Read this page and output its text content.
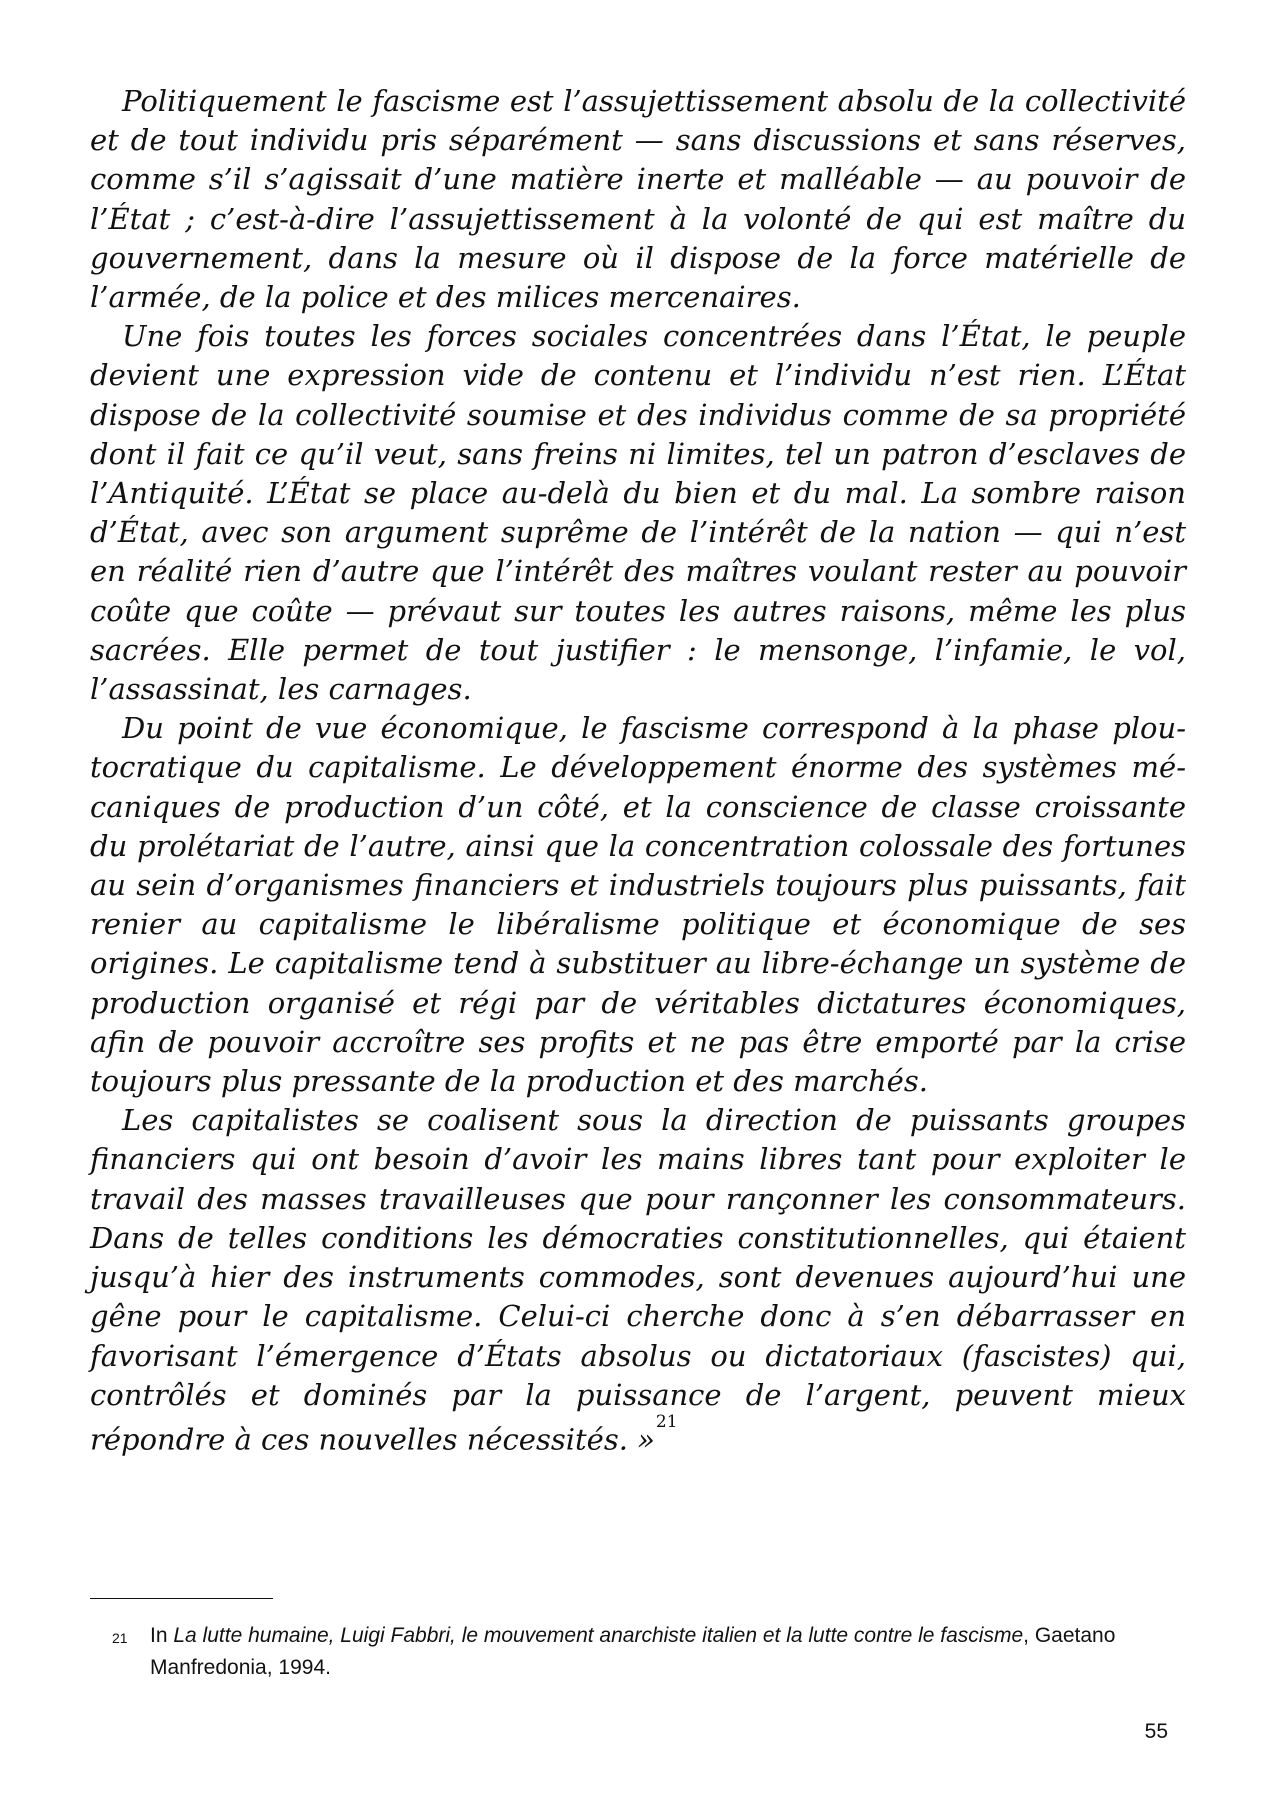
Politiquement le fascisme est l’assujettissement absolu de la collectivité et de tout individu pris séparément — sans discussions et sans réserves, comme s’il s’agissait d’une matière inerte et malléable — au pouvoir de l’État ; c’est-à-dire l’assujettissement à la volonté de qui est maître du gouvernement, dans la mesure où il dispose de la force matérielle de l’armée, de la police et des milices mercenaires.

Une fois toutes les forces sociales concentrées dans l’État, le peuple devient une expression vide de contenu et l’individu n’est rien. L’État dispose de la collectivité soumise et des individus comme de sa propriété dont il fait ce qu’il veut, sans freins ni limites, tel un patron d’esclaves de l’Antiquité. L’État se place au-delà du bien et du mal. La sombre raison d’État, avec son argument suprême de l’intérêt de la nation — qui n’est en réalité rien d’autre que l’intérêt des maîtres voulant rester au pouvoir coûte que coûte — prévaut sur toutes les autres raisons, même les plus sacrées. Elle permet de tout justifier : le mensonge, l’infamie, le vol, l’assassinat, les carnages.

Du point de vue économique, le fascisme correspond à la phase ploutocratique du capitalisme. Le développement énorme des systèmes mécaniques de production d’un côté, et la conscience de classe croissante du prolétariat de l’autre, ainsi que la concentration colossale des fortunes au sein d’organismes financiers et industriels toujours plus puissants, fait renier au capitalisme le libéralisme politique et économique de ses origines. Le capitalisme tend à substituer au libre-échange un système de production organisé et régi par de véritables dictatures économiques, afin de pouvoir accroître ses profits et ne pas être emporté par la crise toujours plus pressante de la production et des marchés.

Les capitalistes se coalisent sous la direction de puissants groupes financiers qui ont besoin d’avoir les mains libres tant pour exploiter le travail des masses travailleuses que pour rançonner les consommateurs. Dans de telles conditions les démocraties constitutionnelles, qui étaient jusqu’à hier des instruments commodes, sont devenues aujourd’hui une gêne pour le capitalisme. Celui-ci cherche donc à s’en débarrasser en favorisant l’émergence d’États absolus ou dictatoriaux (fascistes) qui, contrôlés et dominés par la puissance de l’argent, peuvent mieux répondre à ces nouvelles nécessités. »$^{21}$

21 In La lutte humaine, Luigi Fabbri, le mouvement anarchiste italien et la lutte contre le fascisme, Gaetano Manfredonia, 1994.
55
